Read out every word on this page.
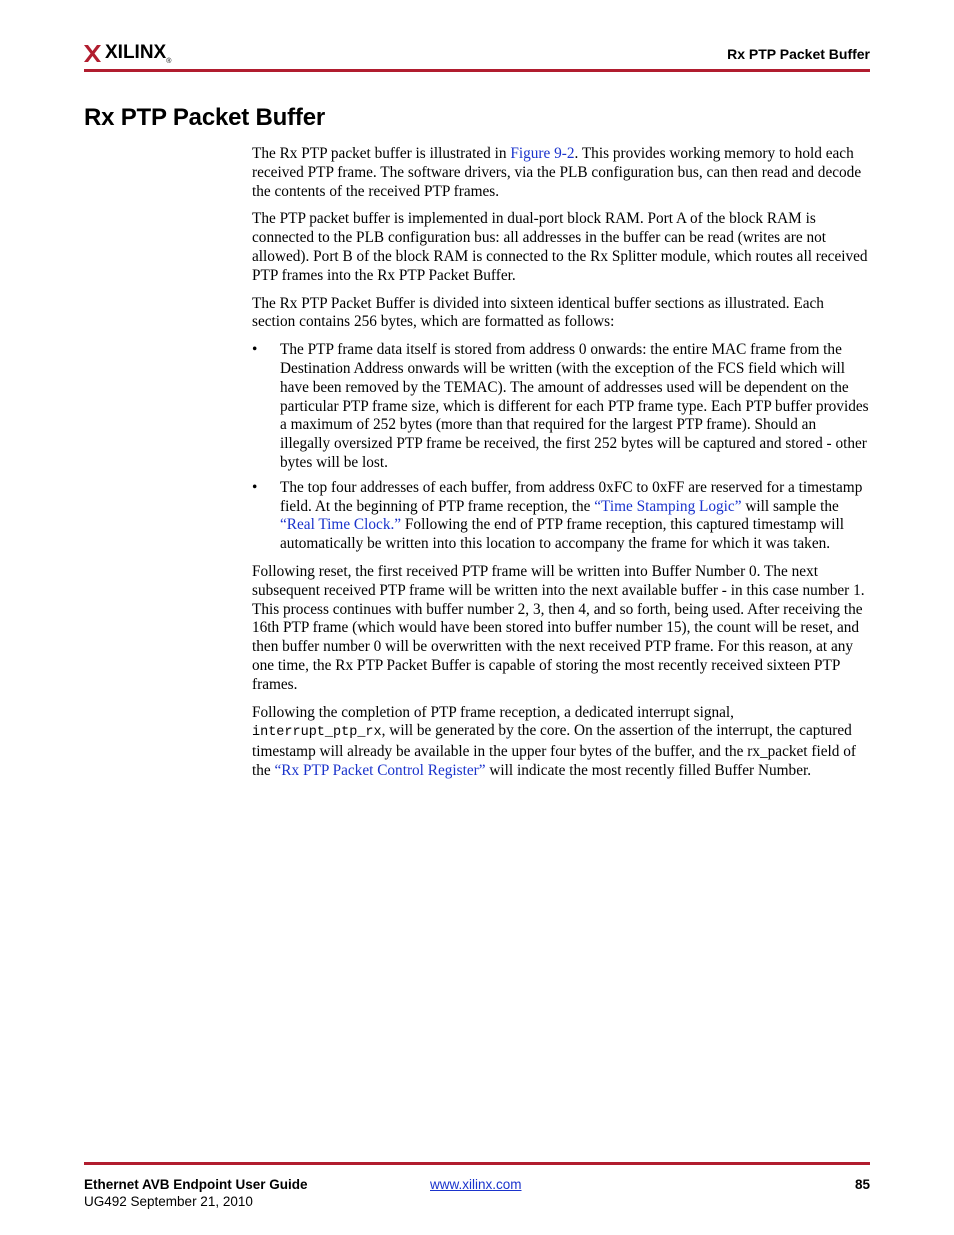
XILINX ®	Rx PTP Packet Buffer
Rx PTP Packet Buffer

The Rx PTP packet buffer is illustrated in Figure 9-2. This provides working memory to hold each received PTP frame. The software drivers, via the PLB configuration bus, can then read and decode the contents of the received PTP frames.

The PTP packet buffer is implemented in dual-port block RAM. Port A of the block RAM is connected to the PLB configuration bus: all addresses in the buffer can be read (writes are not allowed). Port B of the block RAM is connected to the Rx Splitter module, which routes all received PTP frames into the Rx PTP Packet Buffer.

The Rx PTP Packet Buffer is divided into sixteen identical buffer sections as illustrated. Each section contains 256 bytes, which are formatted as follows:

• The PTP frame data itself is stored from address 0 onwards: the entire MAC frame from the Destination Address onwards will be written (with the exception of the FCS field which will have been removed by the TEMAC). The amount of addresses used will be dependent on the particular PTP frame size, which is different for each PTP frame type. Each PTP buffer provides a maximum of 252 bytes (more than that required for the largest PTP frame). Should an illegally oversized PTP frame be received, the first 252 bytes will be captured and stored - other bytes will be lost.
• The top four addresses of each buffer, from address 0xFC to 0xFF are reserved for a timestamp field. At the beginning of PTP frame reception, the “Time Stamping Logic” will sample the “Real Time Clock.” Following the end of PTP frame reception, this captured timestamp will automatically be written into this location to accompany the frame for which it was taken.

Following reset, the first received PTP frame will be written into Buffer Number 0. The next subsequent received PTP frame will be written into the next available buffer - in this case number 1. This process continues with buffer number 2, 3, then 4, and so forth, being used. After receiving the 16th PTP frame (which would have been stored into buffer number 15), the count will be reset, and then buffer number 0 will be overwritten with the next received PTP frame. For this reason, at any one time, the Rx PTP Packet Buffer is capable of storing the most recently received sixteen PTP frames.

Following the completion of PTP frame reception, a dedicated interrupt signal, interrupt_ptp_rx, will be generated by the core. On the assertion of the interrupt, the captured timestamp will already be available in the upper four bytes of the buffer, and the rx_packet field of the “Rx PTP Packet Control Register” will indicate the most recently filled Buffer Number.

Ethernet AVB Endpoint User Guide
UG492 September 21, 2010
www.xilinx.com	85
